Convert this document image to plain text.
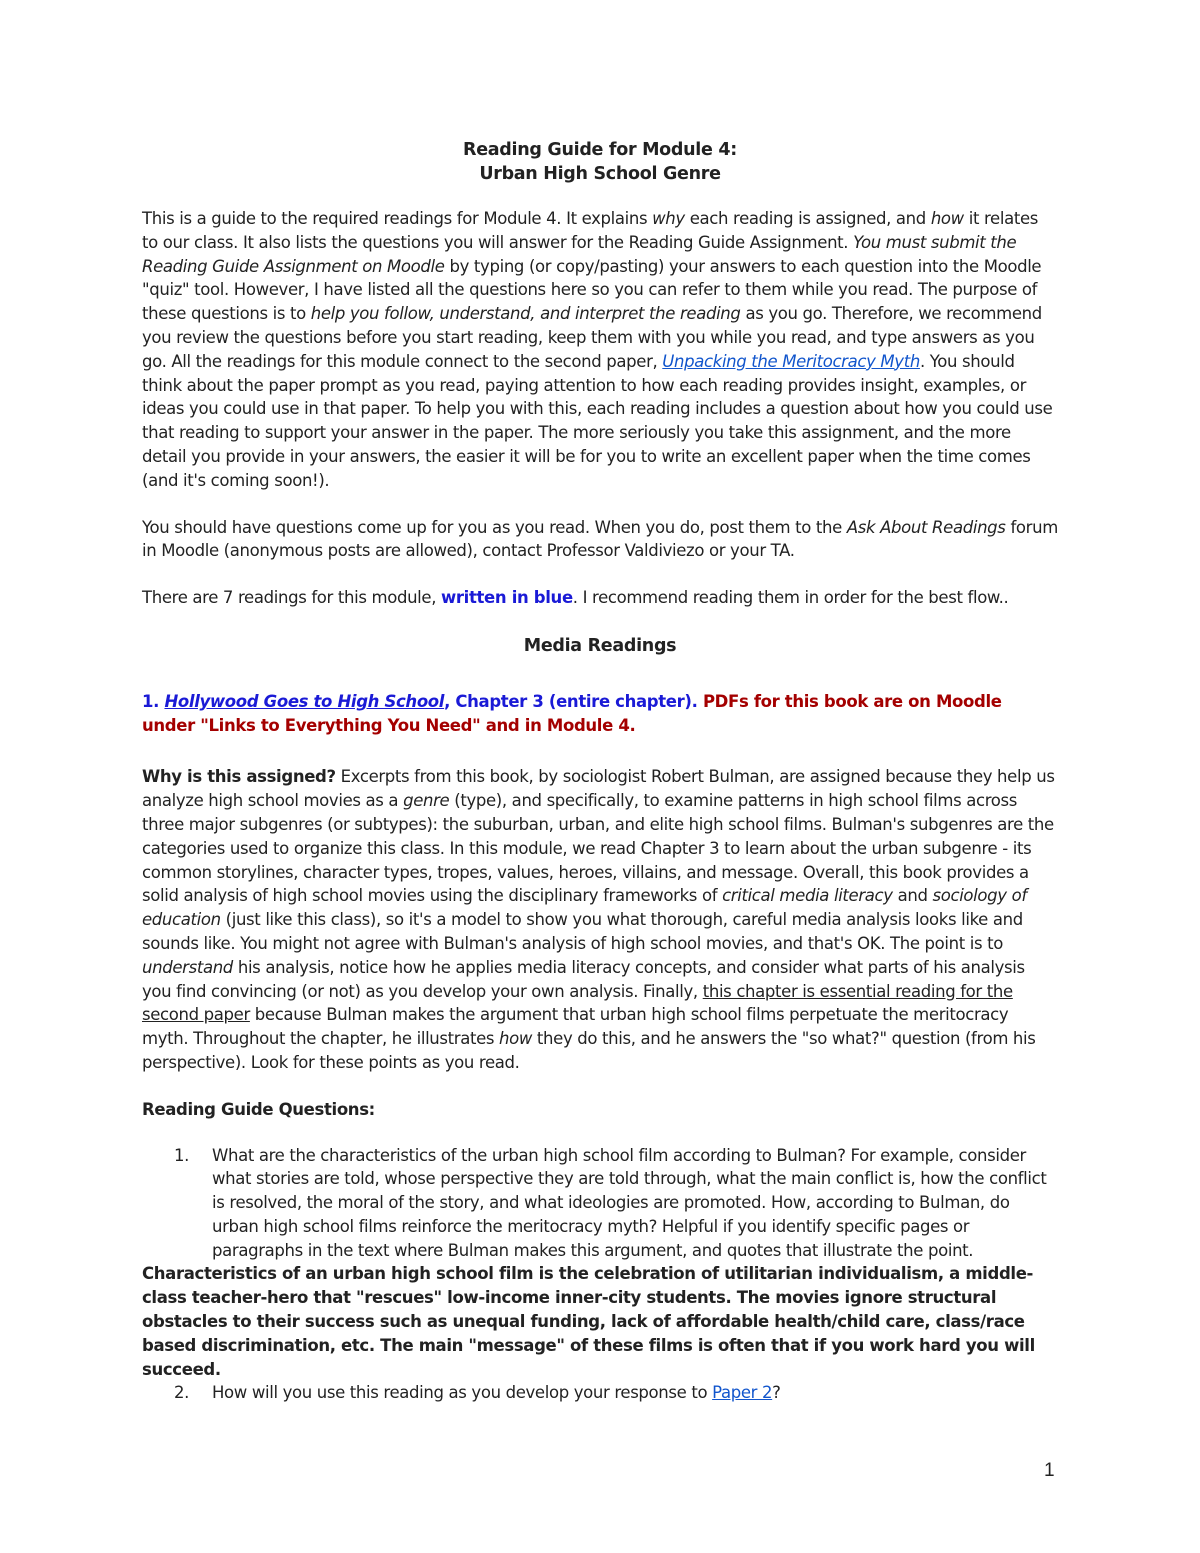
Reading Guide for Module 4:
Urban High School Genre

This is a guide to the required readings for Module 4. It explains why each reading is assigned, and how it relates to our class. It also lists the questions you will answer for the Reading Guide Assignment. You must submit the Reading Guide Assignment on Moodle by typing (or copy/pasting) your answers to each question into the Moodle "quiz" tool. However, I have listed all the questions here so you can refer to them while you read. The purpose of these questions is to help you follow, understand, and interpret the reading as you go. Therefore, we recommend you review the questions before you start reading, keep them with you while you read, and type answers as you go. All the readings for this module connect to the second paper, Unpacking the Meritocracy Myth. You should think about the paper prompt as you read, paying attention to how each reading provides insight, examples, or ideas you could use in that paper. To help you with this, each reading includes a question about how you could use that reading to support your answer in the paper. The more seriously you take this assignment, and the more detail you provide in your answers, the easier it will be for you to write an excellent paper when the time comes (and it's coming soon!).

You should have questions come up for you as you read. When you do, post them to the Ask About Readings forum in Moodle (anonymous posts are allowed), contact Professor Valdiviezo or your TA.

There are 7 readings for this module, written in blue. I recommend reading them in order for the best flow..

Media Readings

1. Hollywood Goes to High School, Chapter 3 (entire chapter). PDFs for this book are on Moodle under "Links to Everything You Need" and in Module 4.

Why is this assigned? Excerpts from this book, by sociologist Robert Bulman, are assigned because they help us analyze high school movies as a genre (type), and specifically, to examine patterns in high school films across three major subgenres (or subtypes): the suburban, urban, and elite high school films. Bulman's subgenres are the categories used to organize this class. In this module, we read Chapter 3 to learn about the urban subgenre - its common storylines, character types, tropes, values, heroes, villains, and message. Overall, this book provides a solid analysis of high school movies using the disciplinary frameworks of critical media literacy and sociology of education (just like this class), so it's a model to show you what thorough, careful media analysis looks like and sounds like. You might not agree with Bulman's analysis of high school movies, and that's OK. The point is to understand his analysis, notice how he applies media literacy concepts, and consider what parts of his analysis you find convincing (or not) as you develop your own analysis. Finally, this chapter is essential reading for the second paper because Bulman makes the argument that urban high school films perpetuate the meritocracy myth. Throughout the chapter, he illustrates how they do this, and he answers the "so what?" question (from his perspective). Look for these points as you read.

Reading Guide Questions:

1. What are the characteristics of the urban high school film according to Bulman? For example, consider what stories are told, whose perspective they are told through, what the main conflict is, how the conflict is resolved, the moral of the story, and what ideologies are promoted. How, according to Bulman, do urban high school films reinforce the meritocracy myth? Helpful if you identify specific pages or paragraphs in the text where Bulman makes this argument, and quotes that illustrate the point.

Characteristics of an urban high school film is the celebration of utilitarian individualism, a middle-class teacher-hero that "rescues" low-income inner-city students. The movies ignore structural obstacles to their success such as unequal funding, lack of affordable health/child care, class/race based discrimination, etc. The main "message" of these films is often that if you work hard you will succeed.

2. How will you use this reading as you develop your response to Paper 2?
1
